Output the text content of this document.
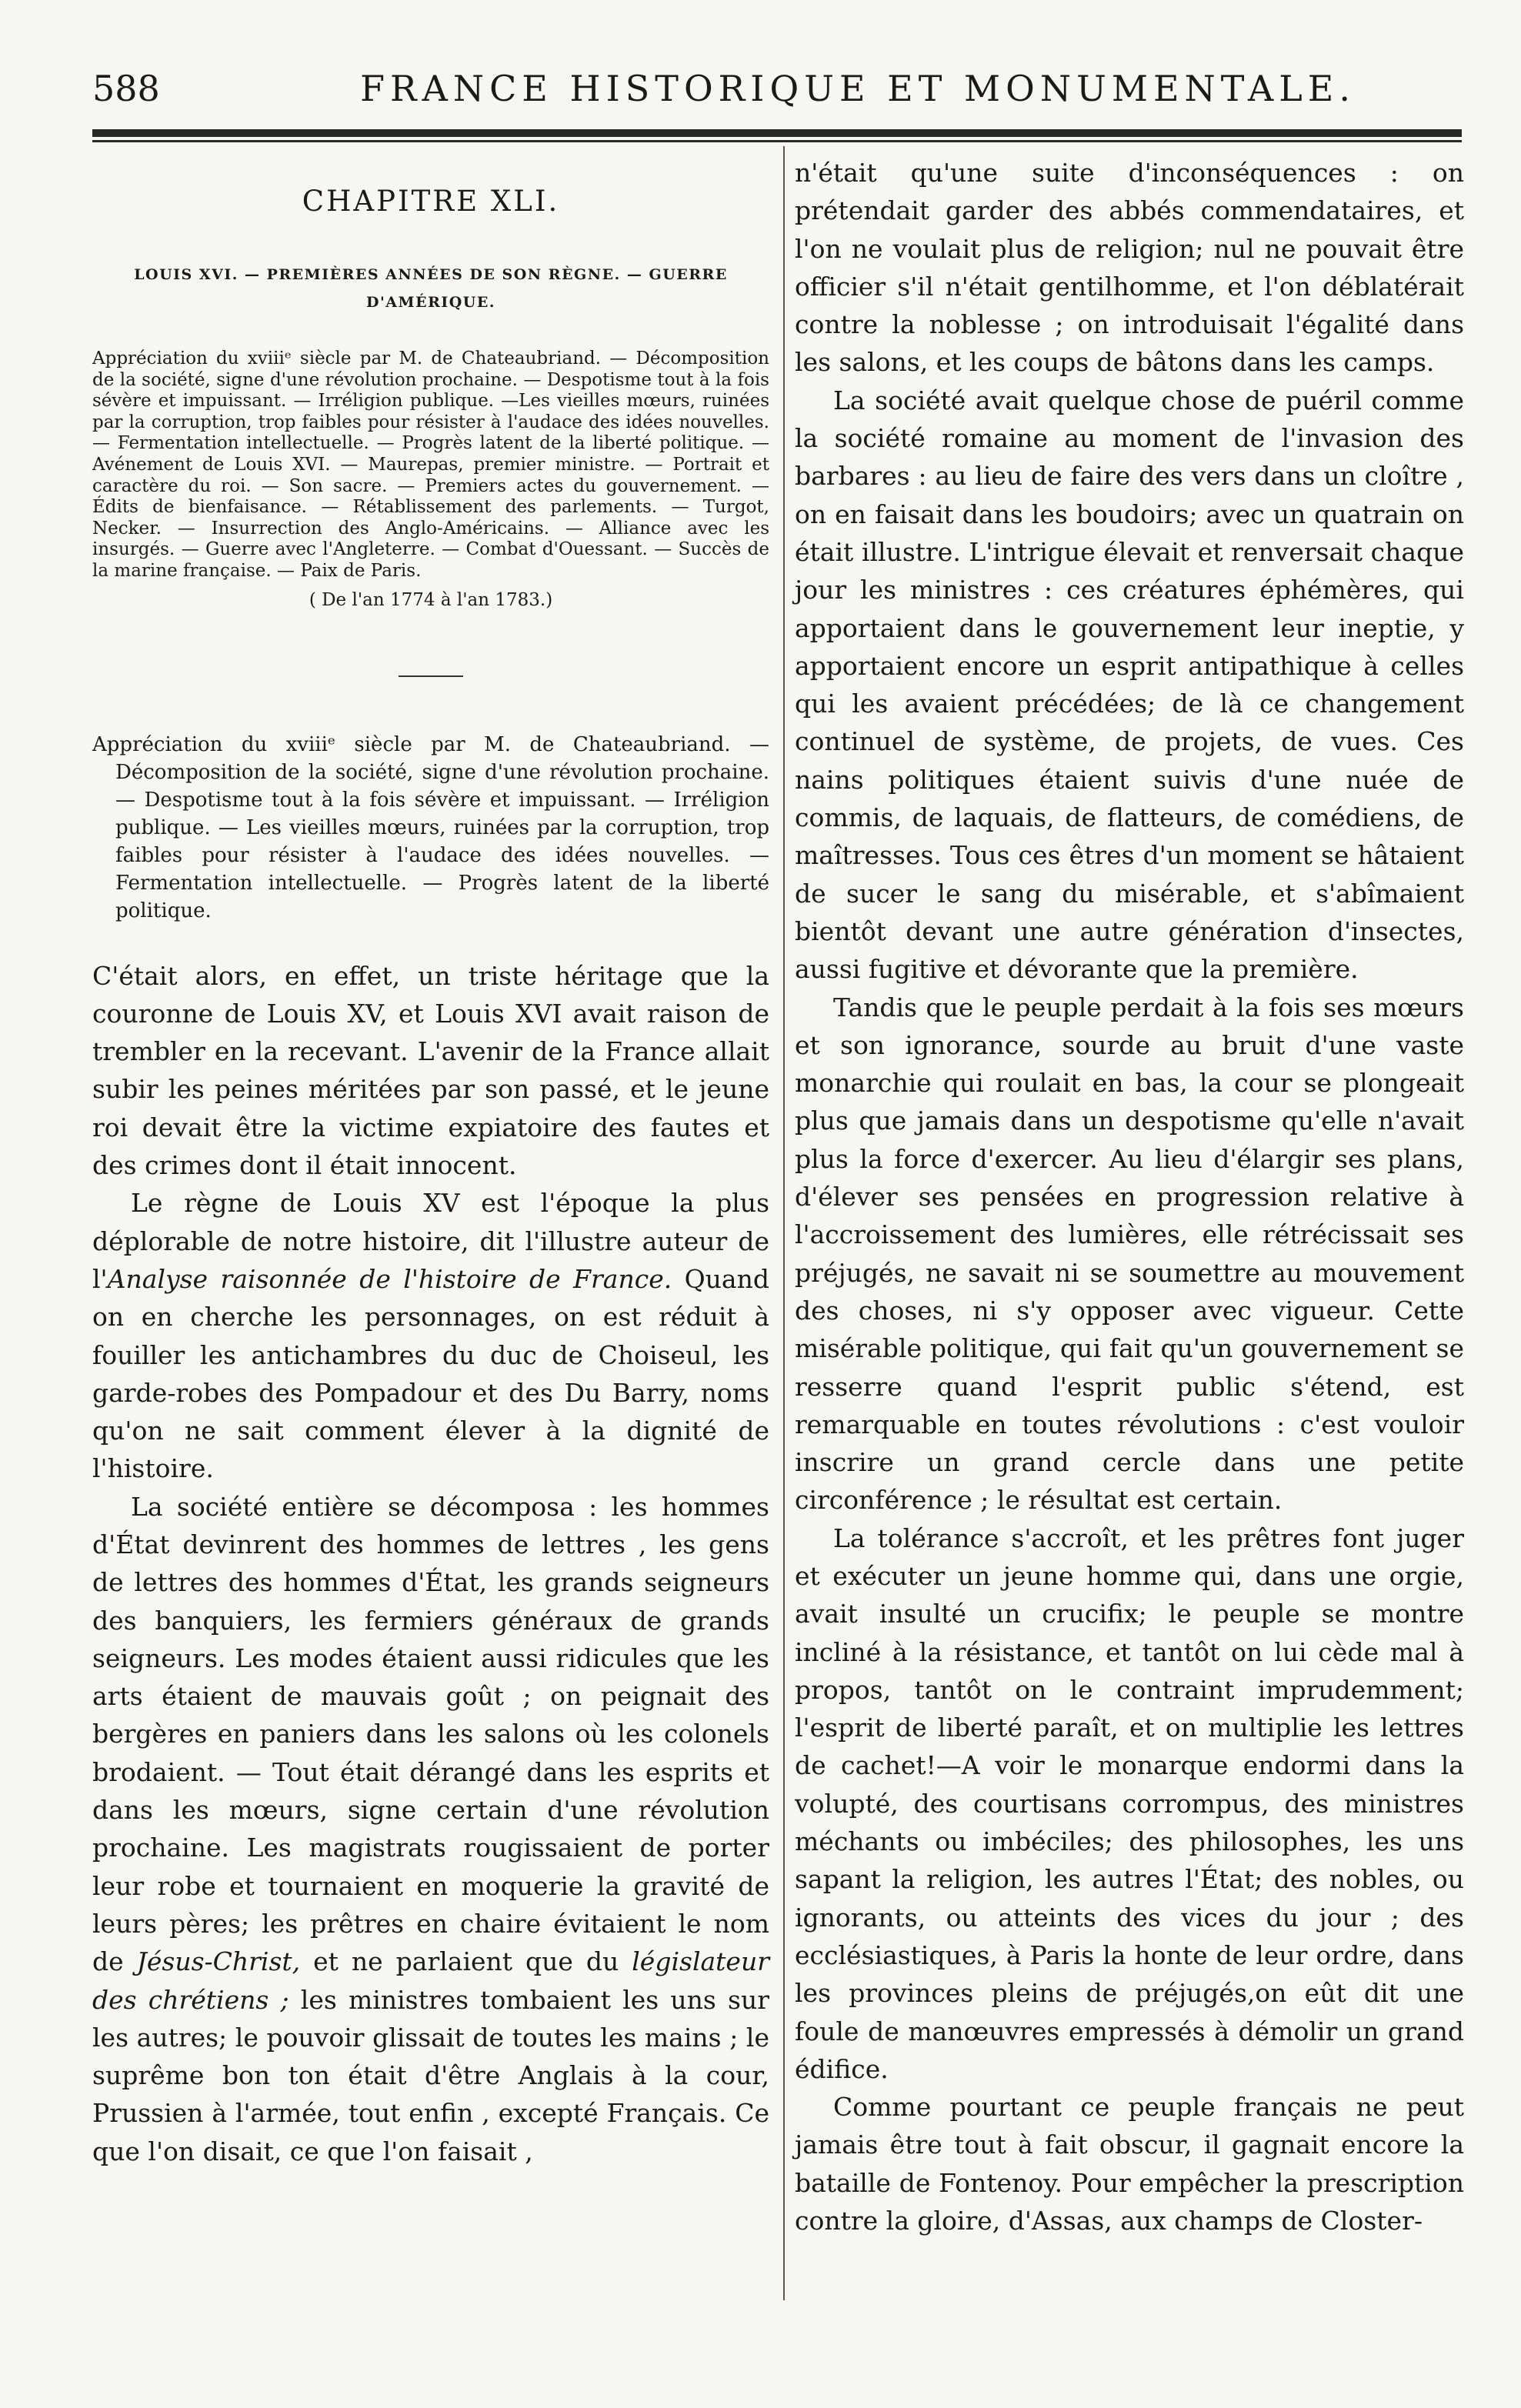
588	FRANCE HISTORIQUE ET MONUMENTALE.
CHAPITRE XLI.
LOUIS XVI. — PREMIÈRES ANNÉES DE SON RÈGNE. — GUERRE D'AMÉRIQUE.

Appréciation du xviiiᵉ siècle par M. de Chateaubriand. — Décomposition de la société, signe d'une révolution prochaine. — Despotisme tout à la fois sévère et impuissant. — Irréligion publique. —Les vieilles mœurs, ruinées par la corruption, trop faibles pour résister à l'audace des idées nouvelles. — Fermentation intellectuelle. — Progrès latent de la liberté politique. — Avénement de Louis XVI. — Maurepas, premier ministre. — Portrait et caractère du roi. — Son sacre. — Premiers actes du gouvernement. — Édits de bienfaisance. — Rétablissement des parlements. — Turgot, Necker. — Insurrection des Anglo-Américains. — Alliance avec les insurgés. — Guerre avec l'Angleterre. — Combat d'Ouessant. — Succès de la marine française. — Paix de Paris.

( De l'an 1774 à l'an 1783.)

Appréciation du xviiiᵉ siècle par M. de Chateaubriand. — Décomposition de la société, signe d'une révolution prochaine. — Despotisme tout à la fois sévère et impuissant. — Irréligion publique. — Les vieilles mœurs, ruinées par la corruption, trop faibles pour résister à l'audace des idées nouvelles. — Fermentation intellectuelle. — Progrès latent de la liberté politique.

C'était alors, en effet, un triste héritage que la couronne de Louis XV, et Louis XVI avait raison de trembler en la recevant. L'avenir de la France allait subir les peines méritées par son passé, et le jeune roi devait être la victime expiatoire des fautes et des crimes dont il était innocent.

Le règne de Louis XV est l'époque la plus déplorable de notre histoire, dit l'illustre auteur de l'Analyse raisonnée de l'histoire de France. Quand on en cherche les personnages, on est réduit à fouiller les antichambres du duc de Choiseul, les garde-robes des Pompadour et des Du Barry, noms qu'on ne sait comment élever à la dignité de l'histoire.

La société entière se décomposa : les hommes d'État devinrent des hommes de lettres , les gens de lettres des hommes d'État, les grands seigneurs des banquiers, les fermiers généraux de grands seigneurs. Les modes étaient aussi ridicules que les arts étaient de mauvais goût ; on peignait des bergères en paniers dans les salons où les colonels brodaient. — Tout était dérangé dans les esprits et dans les mœurs, signe certain d'une révolution prochaine. Les magistrats rougissaient de porter leur robe et tournaient en moquerie la gravité de leurs pères; les prêtres en chaire évitaient le nom de Jésus-Christ, et ne parlaient que du législateur des chrétiens ; les ministres tombaient les uns sur les autres; le pouvoir glissait de toutes les mains ; le suprême bon ton était d'être Anglais à la cour, Prussien à l'armée, tout enfin , excepté Français. Ce que l'on disait, ce que l'on faisait ,

n'était qu'une suite d'inconséquences : on prétendait garder des abbés commendataires, et l'on ne voulait plus de religion; nul ne pouvait être officier s'il n'était gentilhomme, et l'on déblatérait contre la noblesse ; on introduisait l'égalité dans les salons, et les coups de bâtons dans les camps.

La société avait quelque chose de puéril comme la société romaine au moment de l'invasion des barbares : au lieu de faire des vers dans un cloître , on en faisait dans les boudoirs; avec un quatrain on était illustre. L'intrigue élevait et renversait chaque jour les ministres : ces créatures éphémères, qui apportaient dans le gouvernement leur ineptie, y apportaient encore un esprit antipathique à celles qui les avaient précédées; de là ce changement continuel de système, de projets, de vues. Ces nains politiques étaient suivis d'une nuée de commis, de laquais, de flatteurs, de comédiens, de maîtresses. Tous ces êtres d'un moment se hâtaient de sucer le sang du misérable, et s'abîmaient bientôt devant une autre génération d'insectes, aussi fugitive et dévorante que la première.

Tandis que le peuple perdait à la fois ses mœurs et son ignorance, sourde au bruit d'une vaste monarchie qui roulait en bas, la cour se plongeait plus que jamais dans un despotisme qu'elle n'avait plus la force d'exercer. Au lieu d'élargir ses plans, d'élever ses pensées en progression relative à l'accroissement des lumières, elle rétrécissait ses préjugés, ne savait ni se soumettre au mouvement des choses, ni s'y opposer avec vigueur. Cette misérable politique, qui fait qu'un gouvernement se resserre quand l'esprit public s'étend, est remarquable en toutes révolutions : c'est vouloir inscrire un grand cercle dans une petite circonférence ; le résultat est certain.

La tolérance s'accroît, et les prêtres font juger et exécuter un jeune homme qui, dans une orgie, avait insulté un crucifix; le peuple se montre incliné à la résistance, et tantôt on lui cède mal à propos, tantôt on le contraint imprudemment; l'esprit de liberté paraît, et on multiplie les lettres de cachet!—A voir le monarque endormi dans la volupté, des courtisans corrompus, des ministres méchants ou imbéciles; des philosophes, les uns sapant la religion, les autres l'État; des nobles, ou ignorants, ou atteints des vices du jour ; des ecclésiastiques, à Paris la honte de leur ordre, dans les provinces pleins de préjugés,on eût dit une foule de manœuvres empressés à démolir un grand édifice.

Comme pourtant ce peuple français ne peut jamais être tout à fait obscur, il gagnait encore la bataille de Fontenoy. Pour empêcher la prescription contre la gloire, d'Assas, aux champs de Closter-
